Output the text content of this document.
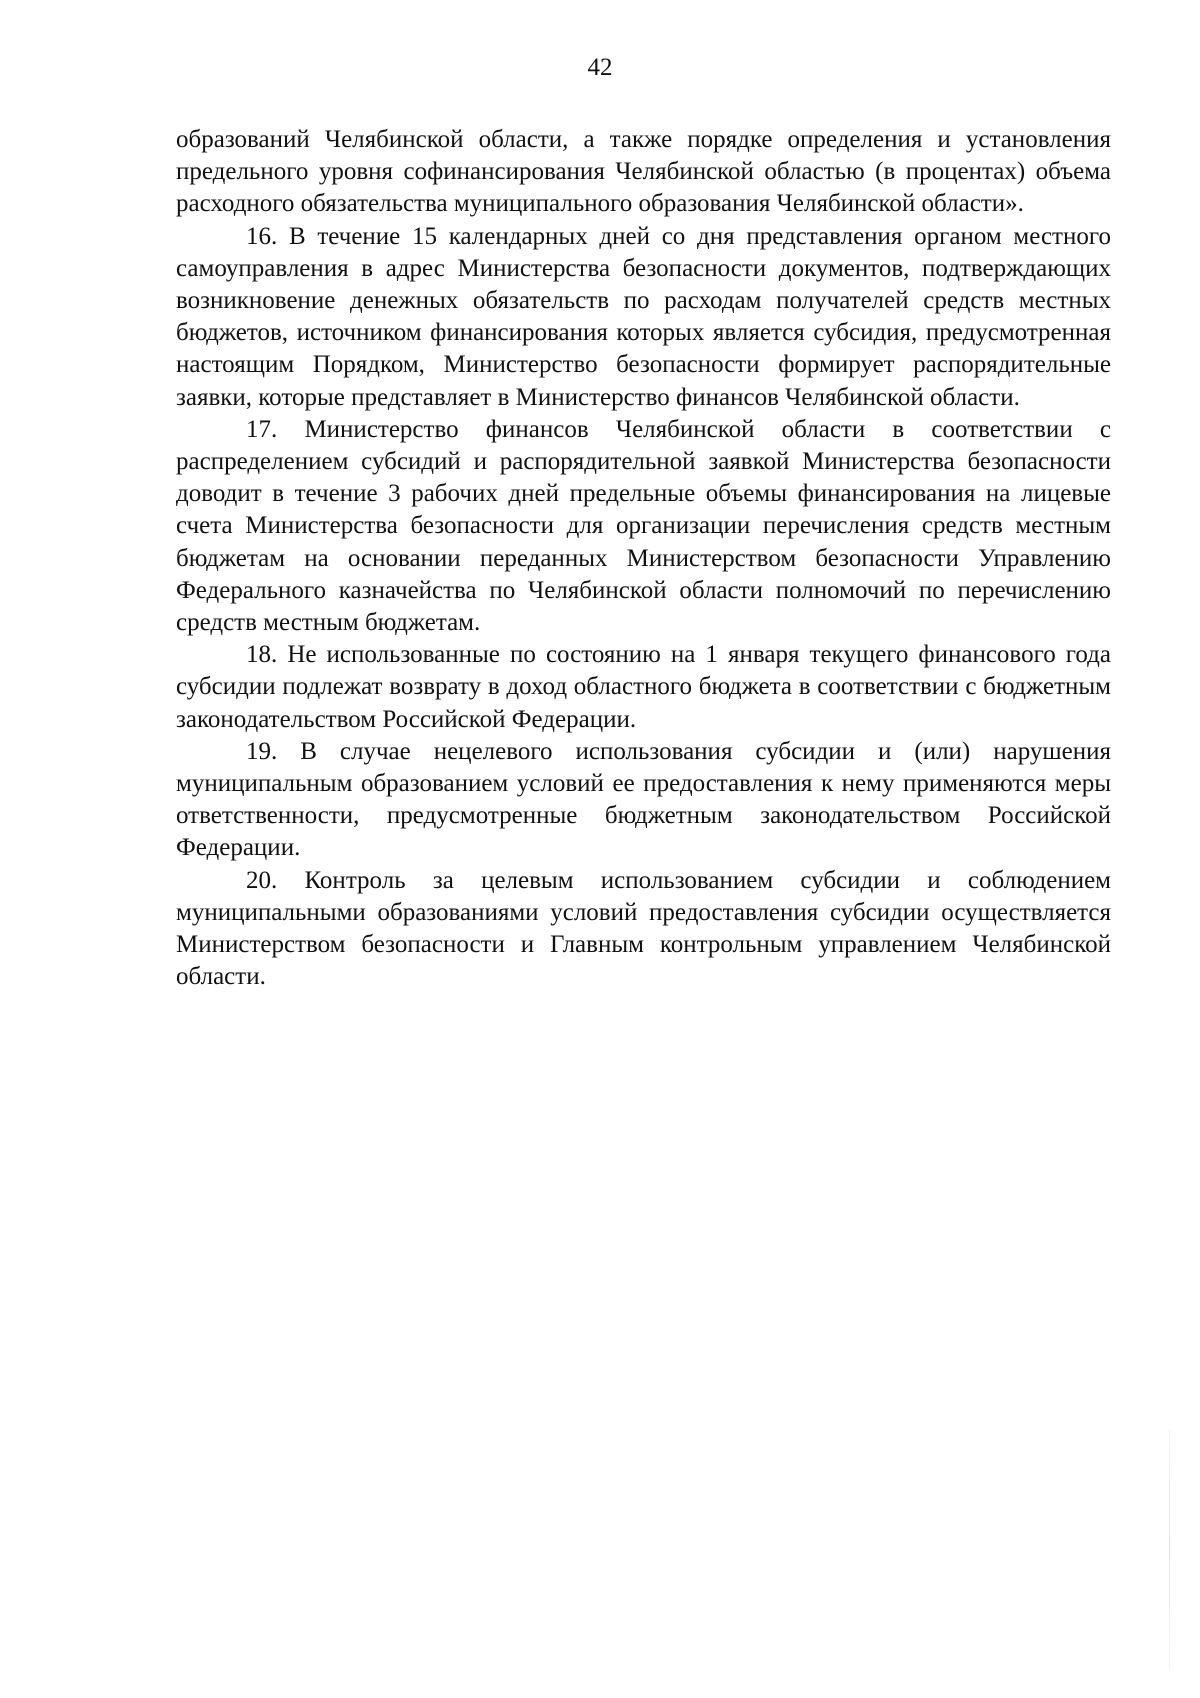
42

образований Челябинской области, а также порядке определения и установления предельного уровня софинансирования Челябинской областью (в процентах) объема расходного обязательства муниципального образования Челябинской области».

16. В течение 15 календарных дней со дня представления органом местного самоуправления в адрес Министерства безопасности документов, подтверждающих возникновение денежных обязательств по расходам получателей средств местных бюджетов, источником финансирования которых является субсидия, предусмотренная настоящим Порядком, Министерство безопасности формирует распорядительные заявки, которые представляет в Министерство финансов Челябинской области.

17. Министерство финансов Челябинской области в соответствии с распределением субсидий и распорядительной заявкой Министерства безопасности доводит в течение 3 рабочих дней предельные объемы финансирования на лицевые счета Министерства безопасности для организации перечисления средств местным бюджетам на основании переданных Министерством безопасности Управлению Федерального казначейства по Челябинской области полномочий по перечислению средств местным бюджетам.

18. Не использованные по состоянию на 1 января текущего финансового года субсидии подлежат возврату в доход областного бюджета в соответствии с бюджетным законодательством Российской Федерации.

19. В случае нецелевого использования субсидии и (или) нарушения муниципальным образованием условий ее предоставления к нему применяются меры ответственности, предусмотренные бюджетным законодательством Российской Федерации.

20. Контроль за целевым использованием субсидии и соблюдением муниципальными образованиями условий предоставления субсидии осуществляется Министерством безопасности и Главным контрольным управлением Челябинской области.
